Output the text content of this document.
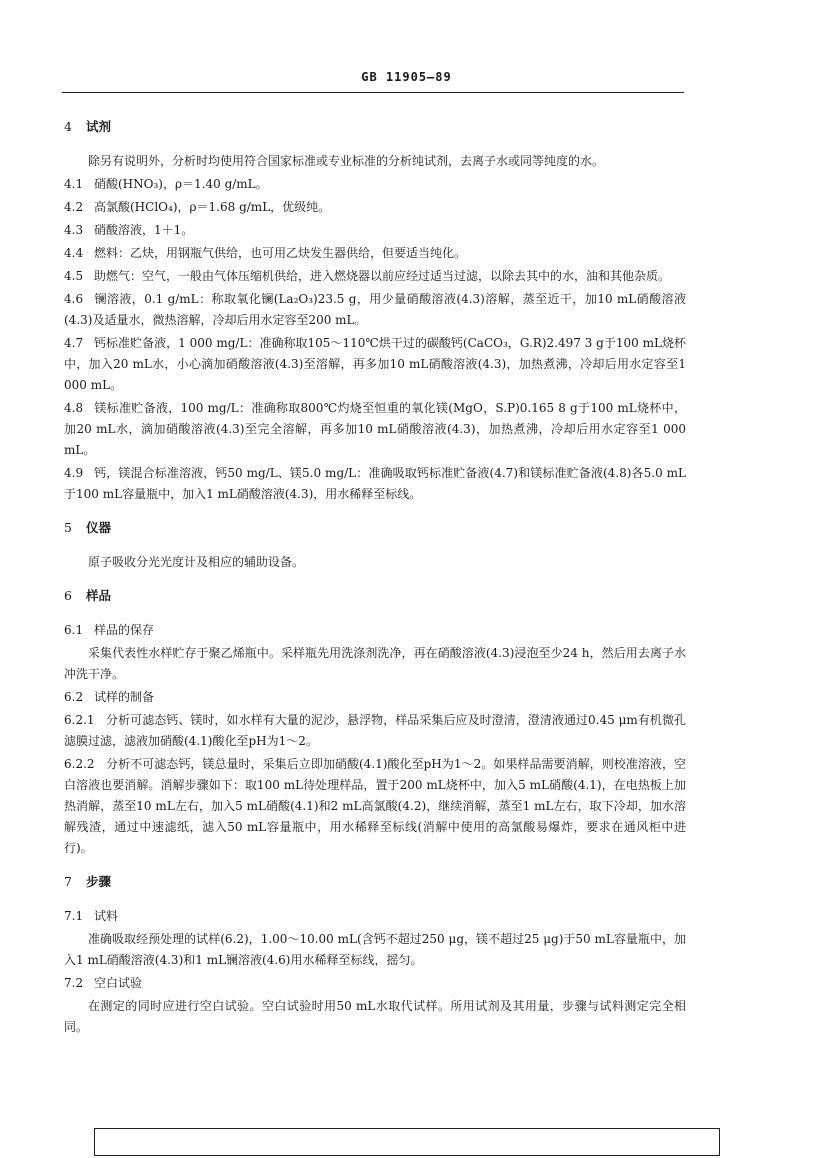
GB 11905—89
4 试剂
除另有说明外，分析时均使用符合国家标准或专业标准的分析纯试剂，去离子水或同等纯度的水。
4.1 硝酸(HNO₃)，ρ＝1.40 g/mL。
4.2 高氯酸(HClO₄)，ρ＝1.68 g/mL，优级纯。
4.3 硝酸溶液，1＋1。
4.4 燃料：乙炔，用钢瓶气供给，也可用乙炔发生器供给，但要适当纯化。
4.5 助燃气：空气，一般由气体压缩机供给，进入燃烧器以前应经过适当过滤，以除去其中的水，油和其他杂质。
4.6 镧溶液，0.1 g/mL：称取氧化镧(La₂O₃)23.5 g，用少量硝酸溶液(4.3)溶解，蒸至近干，加10 mL硝酸溶液(4.3)及适量水，微热溶解，冷却后用水定容至200 mL。
4.7 钙标准贮备液，1 000 mg/L：准确称取105～110℃烘干过的碳酸钙(CaCO₃，G.R)2.497 3 g于100 mL烧杯中，加入20 mL水，小心滴加硝酸溶液(4.3)至溶解，再多加10 mL硝酸溶液(4.3)，加热煮沸，冷却后用水定容至1 000 mL。
4.8 镁标准贮备液，100 mg/L：准确称取800℃灼烧至恒重的氧化镁(MgO，S.P)0.165 8 g于100 mL烧杯中，加20 mL水，滴加硝酸溶液(4.3)至完全溶解，再多加10 mL硝酸溶液(4.3)，加热煮沸，冷却后用水定容至1 000 mL。
4.9 钙，镁混合标准溶液，钙50 mg/L、镁5.0 mg/L：准确吸取钙标准贮备液(4.7)和镁标准贮备液(4.8)各5.0 mL于100 mL容量瓶中，加入1 mL硝酸溶液(4.3)，用水稀释至标线。
5 仪器
原子吸收分光光度计及相应的辅助设备。
6 样品
6.1 样品的保存
采集代表性水样贮存于聚乙烯瓶中。采样瓶先用洗涤剂洗净，再在硝酸溶液(4.3)浸泡至少24 h，然后用去离子水冲洗干净。
6.2 试样的制备
6.2.1 分析可滤态钙、镁时，如水样有大量的泥沙，悬浮物，样品采集后应及时澄清，澄清液通过0.45 μm有机微孔滤膜过滤，滤液加硝酸(4.1)酸化至pH为1～2。
6.2.2 分析不可滤态钙，镁总量时，采集后立即加硝酸(4.1)酸化至pH为1～2。如果样品需要消解，则校准溶液，空白溶液也要消解。消解步骤如下：取100 mL待处理样品，置于200 mL烧杯中，加入5 mL硝酸(4.1)，在电热板上加热消解，蒸至10 mL左右，加入5 mL硝酸(4.1)和2 mL高氯酸(4.2)，继续消解，蒸至1 mL左右，取下冷却，加水溶解残渣，通过中速滤纸，滤入50 mL容量瓶中，用水稀释至标线(消解中使用的高氯酸易爆炸，要求在通风柜中进行)。
7 步骤
7.1 试料
准确吸取经预处理的试样(6.2)，1.00～10.00 mL(含钙不超过250 μg，镁不超过25 μg)于50 mL容量瓶中，加入1 mL硝酸溶液(4.3)和1 mL镧溶液(4.6)用水稀释至标线，摇匀。
7.2 空白试验
在测定的同时应进行空白试验。空白试验时用50 mL水取代试样。所用试剂及其用量，步骤与试料测定完全相同。
